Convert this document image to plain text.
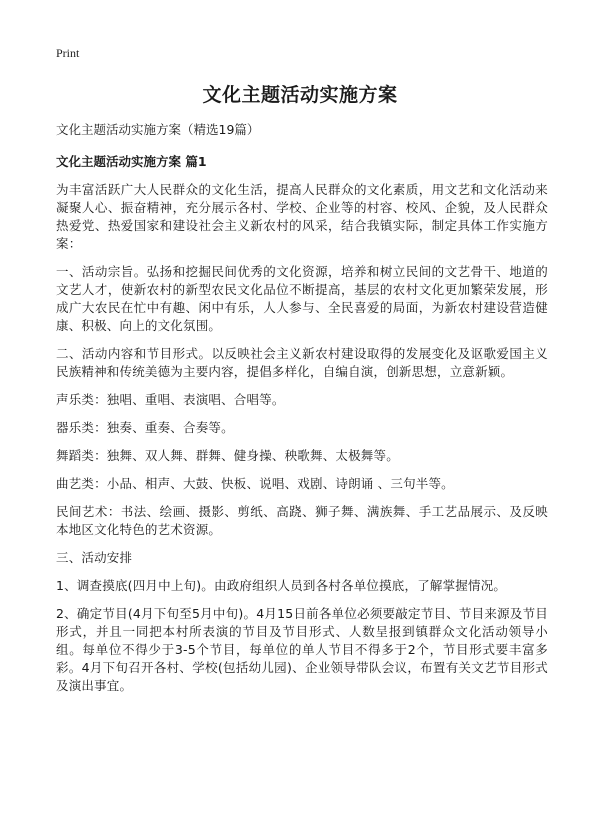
Print
文化主题活动实施方案
文化主题活动实施方案（精选19篇）
文化主题活动实施方案 篇1

为丰富活跃广大人民群众的文化生活，提高人民群众的文化素质，用文艺和文化活动来凝聚人心、振奋精神，充分展示各村、学校、企业等的村容、校风、企貌，及人民群众热爱党、热爱国家和建设社会主义新农村的风采，结合我镇实际，制定具体工作实施方案：

一、活动宗旨。弘扬和挖掘民间优秀的文化资源，培养和树立民间的文艺骨干、地道的文艺人才，使新农村的新型农民文化品位不断提高，基层的农村文化更加繁荣发展，形成广大农民在忙中有趣、闲中有乐，人人参与、全民喜爱的局面，为新农村建设营造健康、积极、向上的文化氛围。

二、活动内容和节目形式。以反映社会主义新农村建设取得的发展变化及讴歌爱国主义民族精神和传统美德为主要内容，提倡多样化，自编自演，创新思想，立意新颖。

声乐类：独唱、重唱、表演唱、合唱等。

器乐类：独奏、重奏、合奏等。

舞蹈类：独舞、双人舞、群舞、健身操、秧歌舞、太极舞等。

曲艺类：小品、相声、大鼓、快板、说唱、戏剧、诗朗诵 、三句半等。

民间艺术：书法、绘画、摄影、剪纸、高跷、狮子舞、满族舞、手工艺品展示、及反映本地区文化特色的艺术资源。

三、活动安排

1、调查摸底(四月中上旬)。由政府组织人员到各村各单位摸底，了解掌握情况。

2、确定节目(4月下旬至5月中旬)。4月15日前各单位必须要敲定节目、节目来源及节目形式，并且一同把本村所表演的节目及节目形式、人数呈报到镇群众文化活动领导小组。每单位不得少于3-5个节目，每单位的单人节目不得多于2个，节目形式要丰富多彩。4月下旬召开各村、学校(包括幼儿园)、企业领导带队会议，布置有关文艺节目形式及演出事宜。
